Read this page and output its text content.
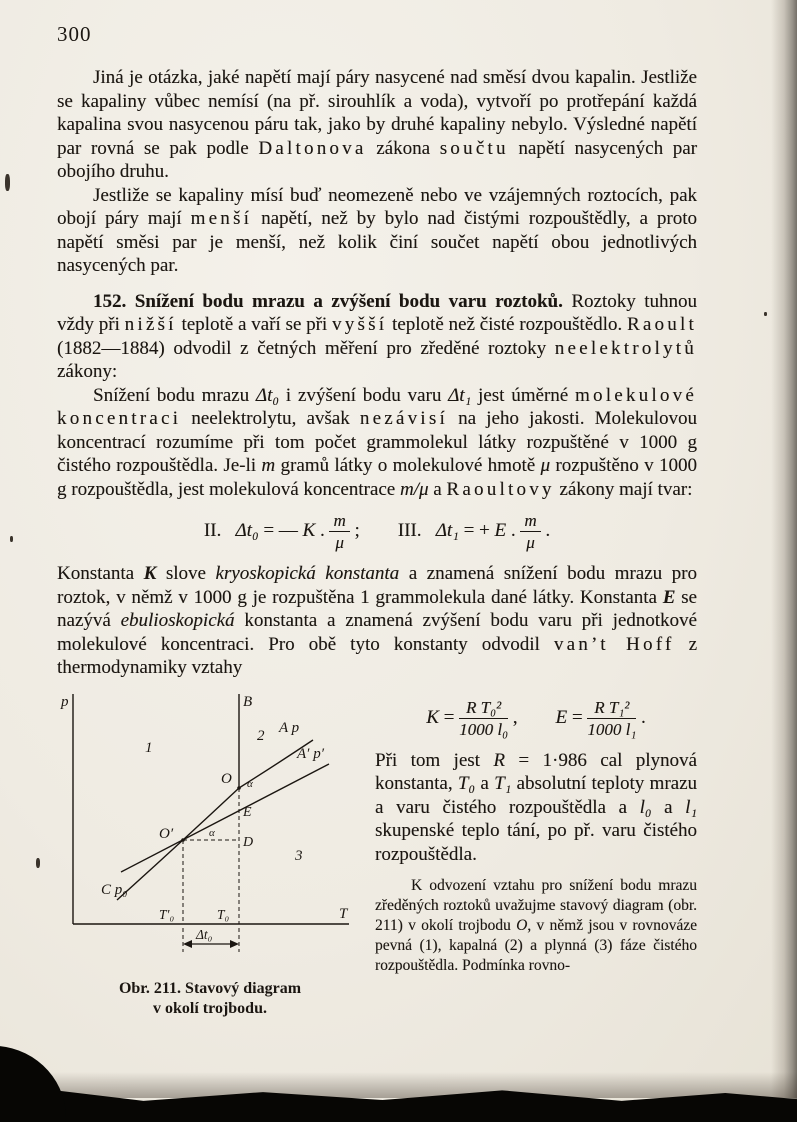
300

Jiná je otázka, jaké napětí mají páry nasycené nad směsí dvou kapalin. Jestliže se kapaliny vůbec nemísí (na př. sirouhlík a voda), vytvoří po protřepání každá kapalina svou nasycenou páru tak, jako by druhé kapaliny nebylo. Výsledné napětí par rovná se pak podle Daltonova zákona součtu napětí nasycených par obojího druhu.

Jestliže se kapaliny mísí buď neomezeně nebo ve vzájemných roztocích, pak obojí páry mají menší napětí, než by bylo nad čistými rozpouštědly, a proto napětí směsi par je menší, než kolik činí součet napětí obou jednotlivých nasycených par.

152. Snížení bodu mrazu a zvýšení bodu varu roztoků. Roztoky tuhnou vždy při nižší teplotě a vaří se při vyšší teplotě než čisté rozpouštědlo. Raoult (1882—1884) odvodil z četných měření pro zředěné roztoky neelektrolytů zákony:

Snížení bodu mrazu Δt₀ i zvýšení bodu varu Δt₁ jest úměrné molekulové koncentraci neelektrolytu, avšak nezávisí na jeho jakosti. Molekulovou koncentrací rozumíme při tom počet grammolekul látky rozpuštěné v 1000 g čistého rozpouštědla. Je-li m gramů látky o molekulové hmotě μ rozpuštěno v 1000 g rozpouštědla, jest molekulová koncentrace m/μ a Raoultovy zákony mají tvar:

II.   Δt₀ = — K . $\frac{m}{\mu}$ ;        III.   Δt₁ = + E . $\frac{m}{\mu}$ .

Konstanta K slove kryoskopická konstanta a znamená snížení bodu mrazu pro roztok, v němž v 1000 g je rozpuštěna 1 grammolekula dané látky. Konstanta E se nazývá ebulioskopická konstanta a znamená zvýšení bodu varu při jednotkové molekulové koncentraci. Pro obě tyto konstanty odvodil van’t Hoff z thermodynamiky vztahy

p
T
B
1
2
3
A p
A′ p′
O
O′
C p₀
E
D
α
α
T′₀	T₀
Δt₀
Obr. 211. Stavový diagram
v okolí trojbodu.
$K = \frac{\text{R T₀²}}{\text{1000 l₀}}$ , $E = \frac{\text{R T₁²}}{\text{1000 l₁}}$ .

Při tom jest R = 1·986 cal plynová konstanta, T₀ a T₁ absolutní teploty mrazu a varu čistého rozpouštědla a l₀ a l₁ skupenské teplo tání, po př. varu čistého rozpouštědla.

K odvození vztahu pro snížení bodu mrazu zředěných roztoků uvažujme stavový diagram (obr. 211) v okolí trojbodu O, v němž jsou v rovnováze pevná (1), kapalná (2) a plynná (3) fáze čistého rozpouštědla. Podmínka rovno-
